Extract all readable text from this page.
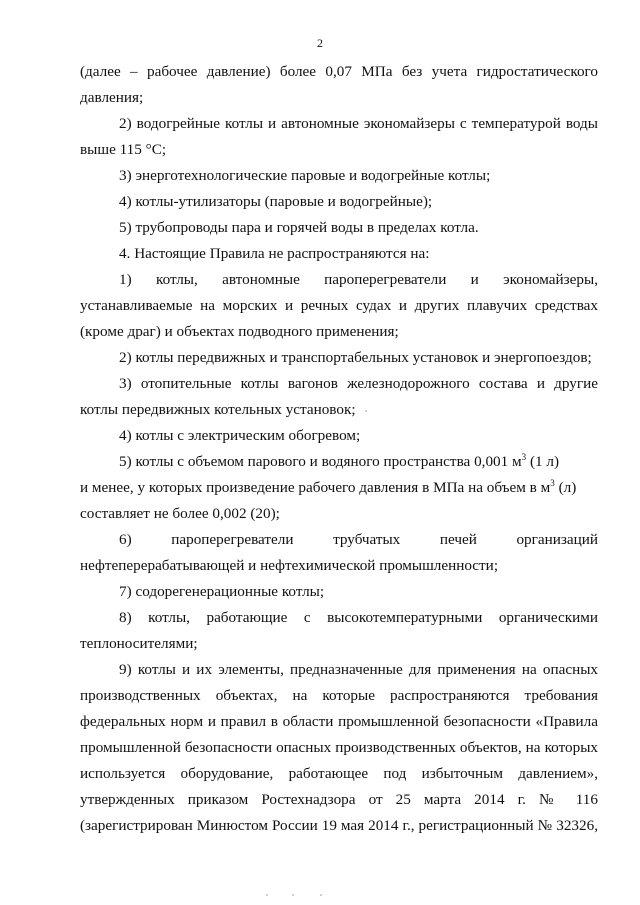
2
(далее – рабочее давление) более 0,07 МПа без учета гидростатического
давления;
2) водогрейные котлы и автономные экономайзеры с температурой воды
выше 115 °С;
3) энерготехнологические паровые и водогрейные котлы;
4) котлы-утилизаторы (паровые и водогрейные);
5) трубопроводы пара и горячей воды в пределах котла.
4. Настоящие Правила не распространяются на:
1) котлы, автономные пароперегреватели и экономайзеры,
устанавливаемые на морских и речных судах и других плавучих средствах
(кроме драг) и объектах подводного применения;
2) котлы передвижных и транспортабельных установок и энергопоездов;
3) отопительные котлы вагонов железнодорожного состава и другие
котлы передвижных котельных установок;
4) котлы с электрическим обогревом;
5) котлы с объемом парового и водяного пространства 0,001 $м^3$ (1 л)
и менее, у которых произведение рабочего давления в МПа на объем в $м^3$ (л)
составляет не более 0,002 (20);
6) пароперегреватели трубчатых печей организаций
нефтеперерабатывающей и нефтехимической промышленности;
7) содорегенерационные котлы;
8) котлы, работающие с высокотемпературными органическими
теплоносителями;
9) котлы и их элементы, предназначенные для применения на опасных
производственных объектах, на которые распространяются требования
федеральных норм и правил в области промышленной безопасности «Правила
промышленной безопасности опасных производственных объектов, на которых
используется оборудование, работающее под избыточным давлением»,
утвержденных приказом Ростехнадзора от 25 марта 2014 г. № 116
(зарегистрирован Минюстом России 19 мая 2014 г., регистрационный № 32326,
